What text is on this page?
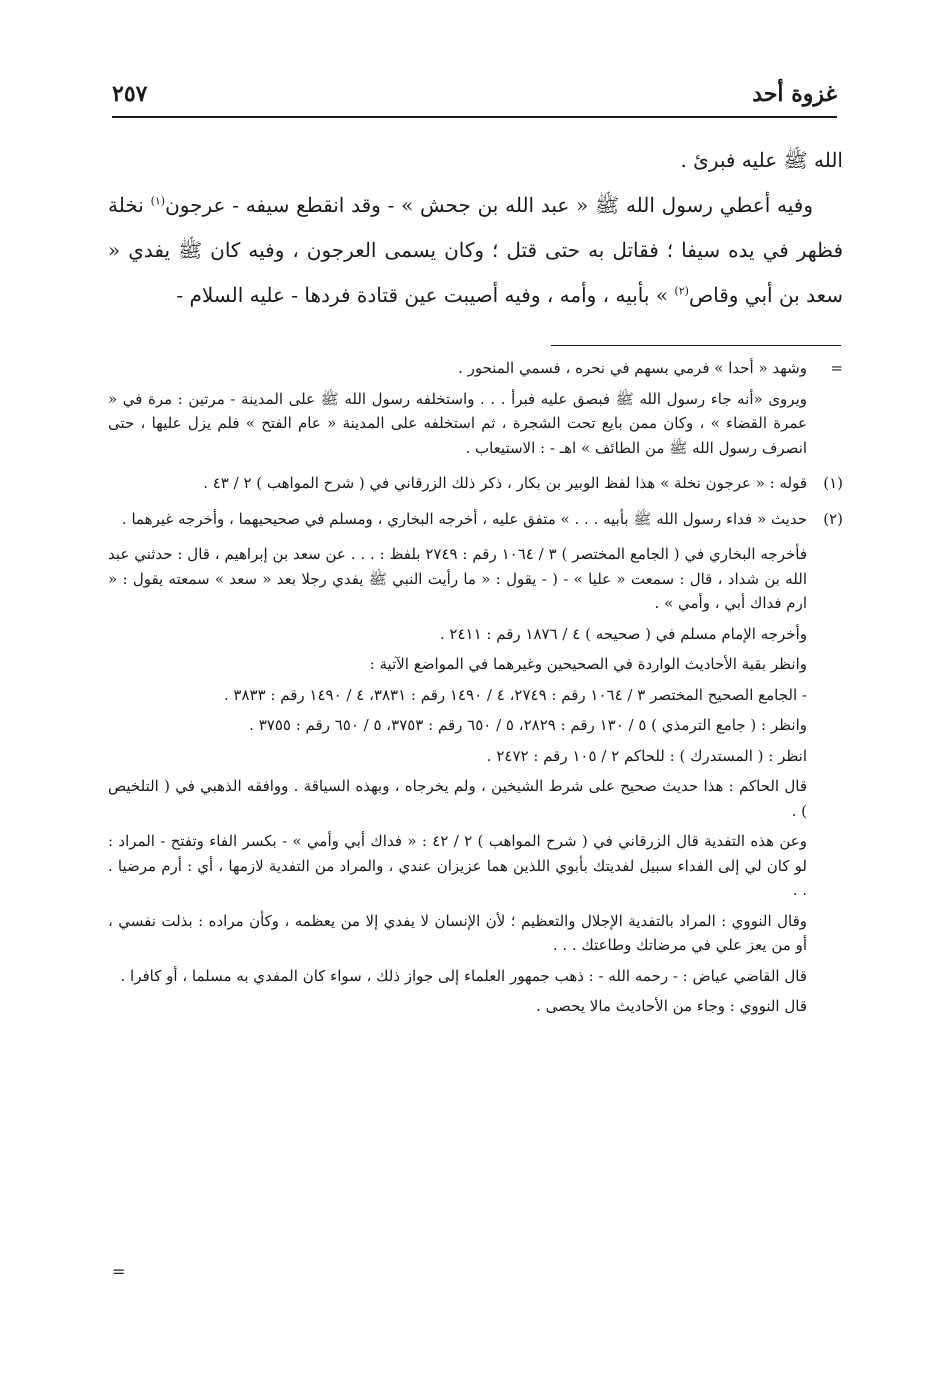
غزوة أحد
٢٥٧

الله ﷺ عليه فبرئ .

وفيه أعطي رسول الله ﷺ « عبد الله بن جحش » - وقد انقطع سيفه - عرجون$^{(١)}$ نخلة فظهر في يده سيفا ؛ فقاتل به حتى قتل ؛ وكان يسمى العرجون ، وفيه كان ﷺ يفدي « سعد بن أبي وقاص$^{(٢)}$ » بأبيه ، وأمه ، وفيه أصيبت عين قتادة فردها - عليه السلام -

=

وشهد « أحدا » فرمي بسهم في نحره ، فسمي المنحور .

ويروى «أنه جاء رسول الله ﷺ فبصق عليه فبرأ . . . واستخلفه رسول الله ﷺ على المدينة - مرتين : مرة في « عمرة القضاء » ، وكان ممن بايع تحت الشجرة ، ثم استخلفه على المدينة « عام الفتح » فلم يزل عليها ، حتى انصرف رسول الله ﷺ من الطائف » اهـ - : الاستيعاب .

(١)

قوله : « عرجون نخلة » هذا لفظ الوبير بن بكار ، ذكر ذلك الزرقاني في ( شرح المواهب ) ٢ / ٤٣ .

(٢)

حديث « فداء رسول الله ﷺ بأبيه . . . » متفق عليه ، أخرجه البخاري ، ومسلم في صحيحيهما ، وأخرجه غيرهما .

فأخرجه البخاري في ( الجامع المختصر ) ٣ / ١٠٦٤ رقم : ٢٧٤٩ بلفظ : . . . عن سعد بن إبراهيم ، قال : حدثني عبد الله بن شداد ، قال : سمعت « عليا » - ( - يقول : « ما رأيت النبي ﷺ يفدي رجلا بعد « سعد » سمعته يقول : « ارم فداك أبي ، وأمي » .

وأخرجه الإمام مسلم في ( صحيحه ) ٤ / ١٨٧٦ رقم : ٢٤١١ .

وانظر بقية الأحاديث الواردة في الصحيحين وغيرهما في المواضع الآتية :

- الجامع الصحيح المختصر ٣ / ١٠٦٤ رقم : ٢٧٤٩، ٤ / ١٤٩٠ رقم : ٣٨٣١، ٤ / ١٤٩٠ رقم : ٣٨٣٣ .

وانظر : ( جامع الترمذي ) ٥ / ١٣٠ رقم : ٢٨٢٩، ٥ / ٦٥٠ رقم : ٣٧٥٣، ٥ / ٦٥٠ رقم : ٣٧٥٥ .

انظر : ( المستدرك ) : للحاكم ٢ / ١٠٥ رقم : ٢٤٧٢ .

قال الحاكم : هذا حديث صحيح على شرط الشيخين ، ولم يخرجاه ، وبهذه السياقة . ووافقه الذهبي في ( التلخيص ) .

وعن هذه التفدية قال الزرقاني في ( شرح المواهب ) ٢ / ٤٢ : « فداك أبي وأمي » - بكسر الفاء وتفتح - المراد : لو كان لي إلى الفداء سبيل لفديتك بأبوي اللذين هما عزيزان عندي ، والمراد من التفدية لازمها ، أي : أرم مرضيا . . .

وقال النووي : المراد بالتفدية الإجلال والتعظيم ؛ لأن الإنسان لا يفدي إلا من يعظمه ، وكأن مراده : بذلت نفسي ، أو من يعز علي في مرضاتك وطاعتك . . .

قال القاضي عياض : - رحمه الله - : ذهب جمهور العلماء إلى جواز ذلك ، سواء كان المفدي به مسلما ، أو كافرا .

قال النووي : وجاء من الأحاديث مالا يحصى .

=
